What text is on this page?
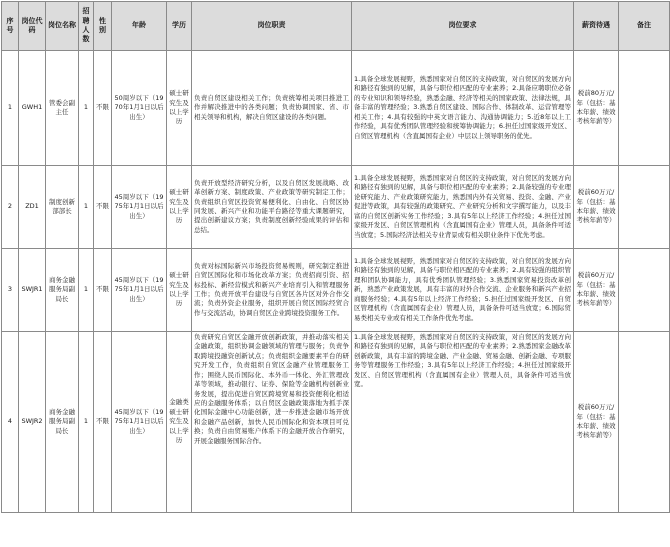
序号	岗位代码	岗位名称	招聘人数	性别	年龄	学历	岗位职责	岗位要求	薪资待遇	备注
1	GWH1	管委会副主任	1	不限	50周岁以下（1970年1月1日以后出生）	硕士研究生及以上学历	负责自贸区建设相关工作；负责统筹相关项目推进工作并解决推进中的各类问题；负责协调国家、省、市相关领导和机构，解决自贸区建设的各类问题。	1.具备全球发展视野，熟悉国家对自贸区的支持政策，对自贸区的发展方向和路径有独到的见解，具备与职位相匹配的专业素养；2.具备应聘职位必备的专业知识和领导经验，熟悉金融、经济等相关的国家政策、法律法规，具备丰富的管理经验；3.熟悉自贸区建设、国际合作、体制改革、运营管理等相关工作；4.具有较强的中英文语言能力、沟通协调能力；5.近8年以上工作经验，具有优秀团队管理经验和统筹协调能力；6.担任过国家级开发区、自贸区管理机构（含直属国有企业）中层以上领导职务的优先。	税前80万元/年（包括：基本年薪、绩效考核年薪等）	
2	ZD1	制度创新部部长	1	不限	45周岁以下（1975年1月1日以后出生）	硕士研究生及以上学历	负责开放型经济研究分析，以及自贸区发展战略、改革创新方案、制度政策、产业政策等研究制定工作；负责组织自贸区投资贸易便利化、自由化、自贸区协同发展、新兴产业和功能平台路径等重大课题研究，提出创新建议方案；负责制度创新经验成果的评估和总结。	1.具备全球发展视野，熟悉国家对自贸区的支持政策，对自贸区的发展方向和路径有独到的见解，具备与职位相匹配的专业素养；2.具备较强的专业理论研究能力、产业政策研究能力，熟悉国内外有关贸易、投资、金融、产业促进等政策，具有较强的政策研究、产业研究分析和文字撰写能力，以及丰富的自贸区创新实务工作经验；3.具有5年以上经济工作经验；4.担任过国家级开发区、自贸区管理机构（含直属国有企业）管理人员，具备条件可适当放宽；5.国际经济法相关专业背景或有相关职业条件下优先考虑。	税前60万元/年（包括：基本年薪、绩效考核年薪等）	
3	SWJR1	商务金融服务局副局长	1	不限	45周岁以下（1975年1月1日以后出生）	硕士研究生及以上学历	负责对标国际新兴市场投资贸易规则，研究制定推进自贸区国际化和市场化改革方案；负责招商引资、招标投标、新经营模式和新兴产业培育引入和管理服务工作；负责开放平台建设与自贸区各片区对外合作交流；负责外资企业服务，组织开展自贸区国际经贸合作与交流活动，协调自贸区企业跨境投资服务工作。	1.具备全球发展视野，熟悉国家对自贸区的支持政策，对自贸区的发展方向和路径有独到的见解，具备与职位相匹配的专业素养；2.具有较强的组织管理和团队协调能力，具有优秀团队管理经验；3.熟悉国家贸易投资改革创新，熟悉产业政策发展，具有丰富的对外合作交流、企业服务和新兴产业招商服务经验；4.具有5年以上经济工作经验；5.担任过国家级开发区、自贸区管理机构（含直属国有企业）管理人员，具备条件可适当放宽；6.国际贸易类相关专业或有相关工作条件优先考虑。	税前60万元/年（包括：基本年薪、绩效考核年薪等）	
4	SWJR2	商务金融服务局副局长	1	不限	45周岁以下（1975年1月1日以后出生）	金融类硕士研究生及以上学历	负责研究自贸区金融开放创新政策，并推动落实相关金融政策，组织协调金融领域的管理与服务；负责争取跨境投融资创新试点；负责组织金融要素平台的研究开发工作，负责组织自贸区金融产业管理服务工作；围绕人民币国际化、本外币一体化、外汇管理改革等领域，推动银行、证券、保险等金融机构创新业务发展，提出促进自贸区跨境贸易和投资便利化相适应的金融服务体系；以自贸区金融政策落地为抓手深化国际金融中心功能创新，进一步推进金融市场开放和金融产品创新，加快人民币国际化和资本项目可兑换；负责自由贸易账户体系下的金融开放合作研究，开展金融服务国际合作。	1.具备全球发展视野，熟悉国家对自贸区的支持政策，对自贸区的发展方向和路径有独到的见解，具备与职位相匹配的专业素养；2.熟悉国家金融改革创新政策，具有丰富的跨境金融、产业金融、贸易金融、创新金融、专项服务等管理服务工作经验；3.具有5年以上经济工作经验；4.担任过国家级开发区、自贸区管理机构（含直属国有企业）管理人员，具备条件可适当放宽。	税前60万元/年（包括：基本年薪、绩效考核年薪等）	
